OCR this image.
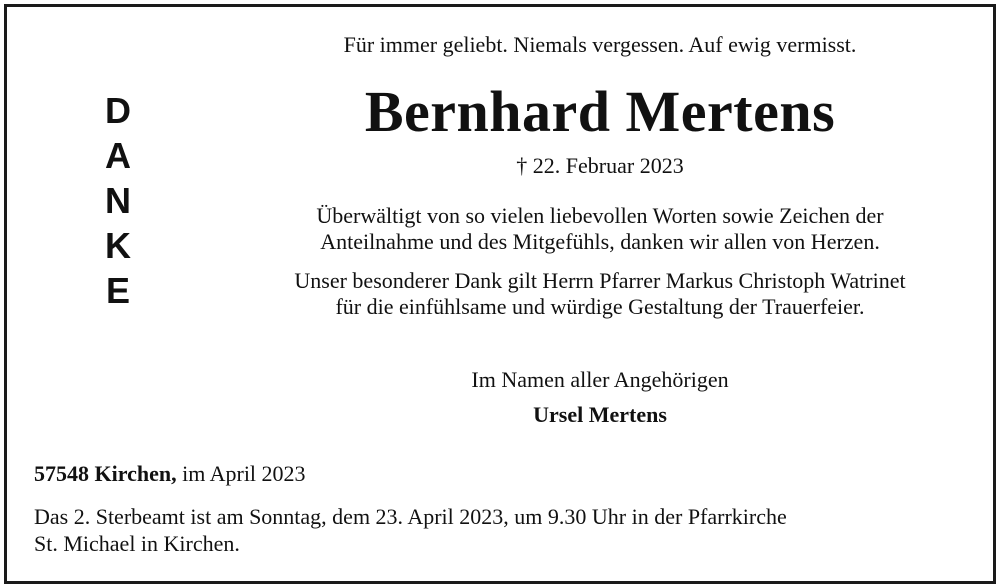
D
A
N
K
E
Für immer geliebt. Niemals vergessen. Auf ewig vermisst.
Bernhard Mertens
† 22. Februar 2023
Überwältigt von so vielen liebevollen Worten sowie Zeichen der
Anteilnahme und des Mitgefühls, danken wir allen von Herzen.
Unser besonderer Dank gilt Herrn Pfarrer Markus Christoph Watrinet
für die einfühlsame und würdige Gestaltung der Trauerfeier.
Im Namen aller Angehörigen
Ursel Mertens
57548 Kirchen, im April 2023
Das 2. Sterbeamt ist am Sonntag, dem 23. April 2023, um 9.30 Uhr in der Pfarrkirche
St. Michael in Kirchen.
